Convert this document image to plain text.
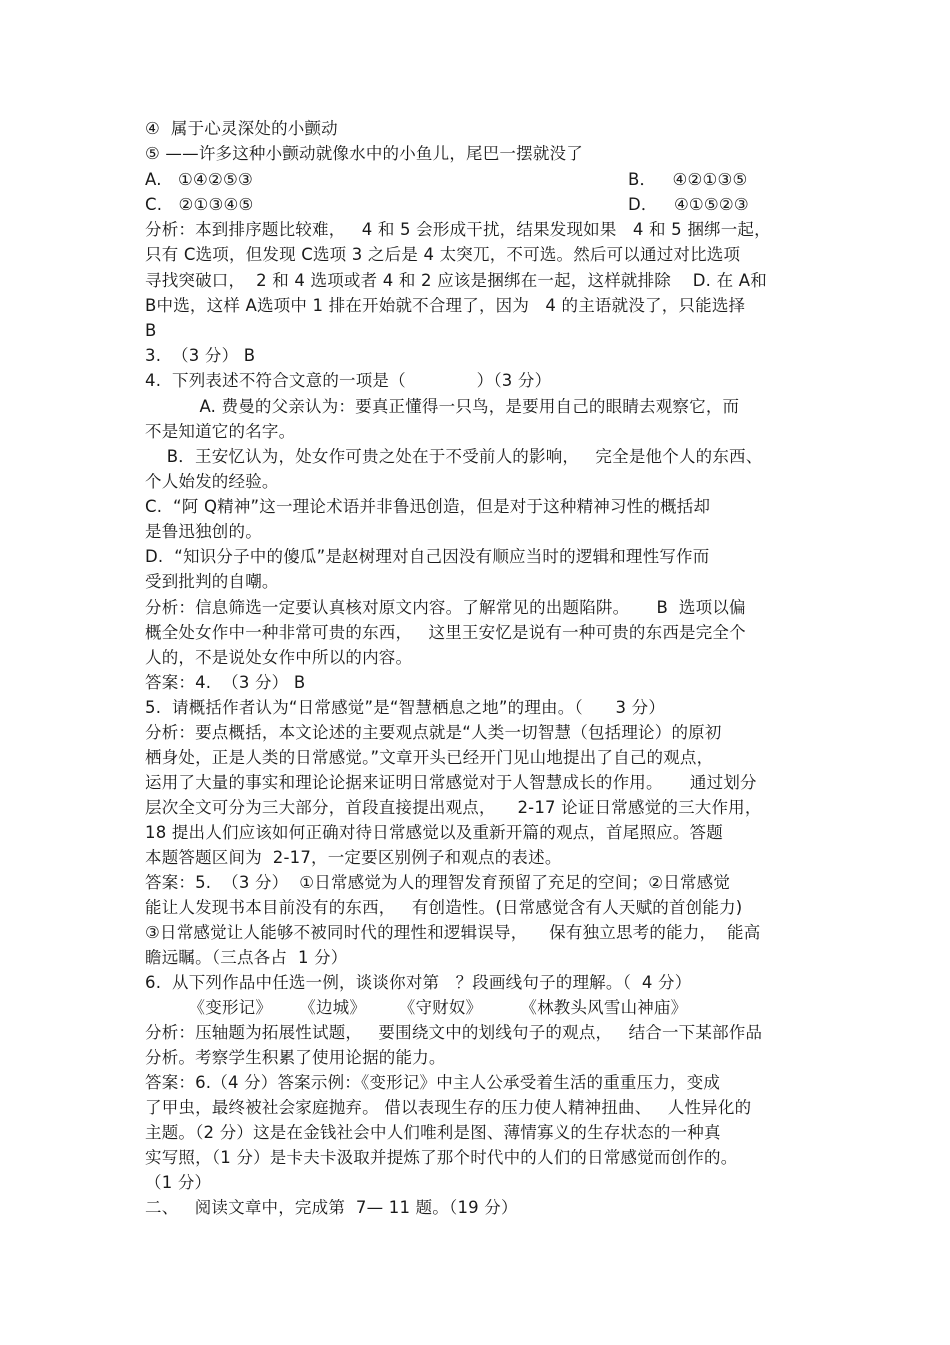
④  属于心灵深处的小颤动
⑤ ——许多这种小颤动就像水中的小鱼儿，尾巴一摆就没了
A.   ①④②⑤③	B．   ④②①③⑤
C.   ②①③④⑤	D．   ④①⑤②③
分析：本到排序题比较难，   4 和 5 会形成干扰，结果发现如果   4 和 5 捆绑一起，
只有 C选项，但发现 C选项 3 之后是 4 太突兀，不可选。然后可以通过对比选项
寻找突破口，  2 和 4 选项或者 4 和 2 应该是捆绑在一起，这样就排除    D. 在 A和
B中选，这样 A选项中 1 排在开始就不合理了，因为   4 的主语就没了，只能选择
B
3.  （3 分） B
4.  下列表述不符合文意的一项是（             ）（3 分）
A. 费曼的父亲认为：要真正懂得一只鸟，是要用自己的眼睛去观察它，而
不是知道它的名字。
B．王安忆认为，处女作可贵之处在于不受前人的影响，   完全是他个人的东西、
个人始发的经验。
C.  “阿 Q精神”这一理论术语并非鲁迅创造，但是对于这种精神习性的概括却
是鲁迅独创的。
D.  “知识分子中的傻瓜”是赵树理对自己因没有顺应当时的逻辑和理性写作而
受到批判的自嘲。
分析：信息筛选一定要认真核对原文内容。了解常见的出题陷阱。     B  选项以偏
概全处女作中一种非常可贵的东西，   这里王安忆是说有一种可贵的东西是完全个
人的，不是说处女作中所以的内容。
答案：4.  （3 分） B
5.  请概括作者认为“日常感觉”是“智慧栖息之地”的理由。（      3 分）
分析：要点概括，本文论述的主要观点就是“人类一切智慧（包括理论）的原初
栖身处，正是人类的日常感觉。”文章开头已经开门见山地提出了自己的观点，
运用了大量的事实和理论论据来证明日常感觉对于人智慧成长的作用。     通过划分
层次全文可分为三大部分，首段直接提出观点，    2-17 论证日常感觉的三大作用，
18 提出人们应该如何正确对待日常感觉以及重新开篇的观点，首尾照应。答题
本题答题区间为  2-17，一定要区别例子和观点的表述。
答案：5.  （3 分）  ①日常感觉为人的理智发育预留了充足的空间；②日常感觉
能让人发现书本目前没有的东西，   有创造性。(日常感觉含有人天赋的首创能力)
③日常感觉让人能够不被同时代的理性和逻辑误导，    保有独立思考的能力，  能高
瞻远瞩。（三点各占  1 分）
6.  从下列作品中任选一例，谈谈你对第   ？段画线句子的理解。（  4 分）
《变形记》     《边城》      《守财奴》       《林教头风雪山神庙》
分析：压轴题为拓展性试题，   要围绕文中的划线句子的观点，   结合一下某部作品
分析。考察学生积累了使用论据的能力。
答案：6.（4 分）答案示例：《变形记》中主人公承受着生活的重重压力，变成
了甲虫，最终被社会家庭抛弃。 借以表现生存的压力使人精神扭曲、   人性异化的
主题。（2 分）这是在金钱社会中人们唯利是图、薄情寡义的生存状态的一种真
实写照，（1 分）是卡夫卡汲取并提炼了那个时代中的人们的日常感觉而创作的。
（1 分）
二、   阅读文章中，完成第  7— 11 题。（19 分）
